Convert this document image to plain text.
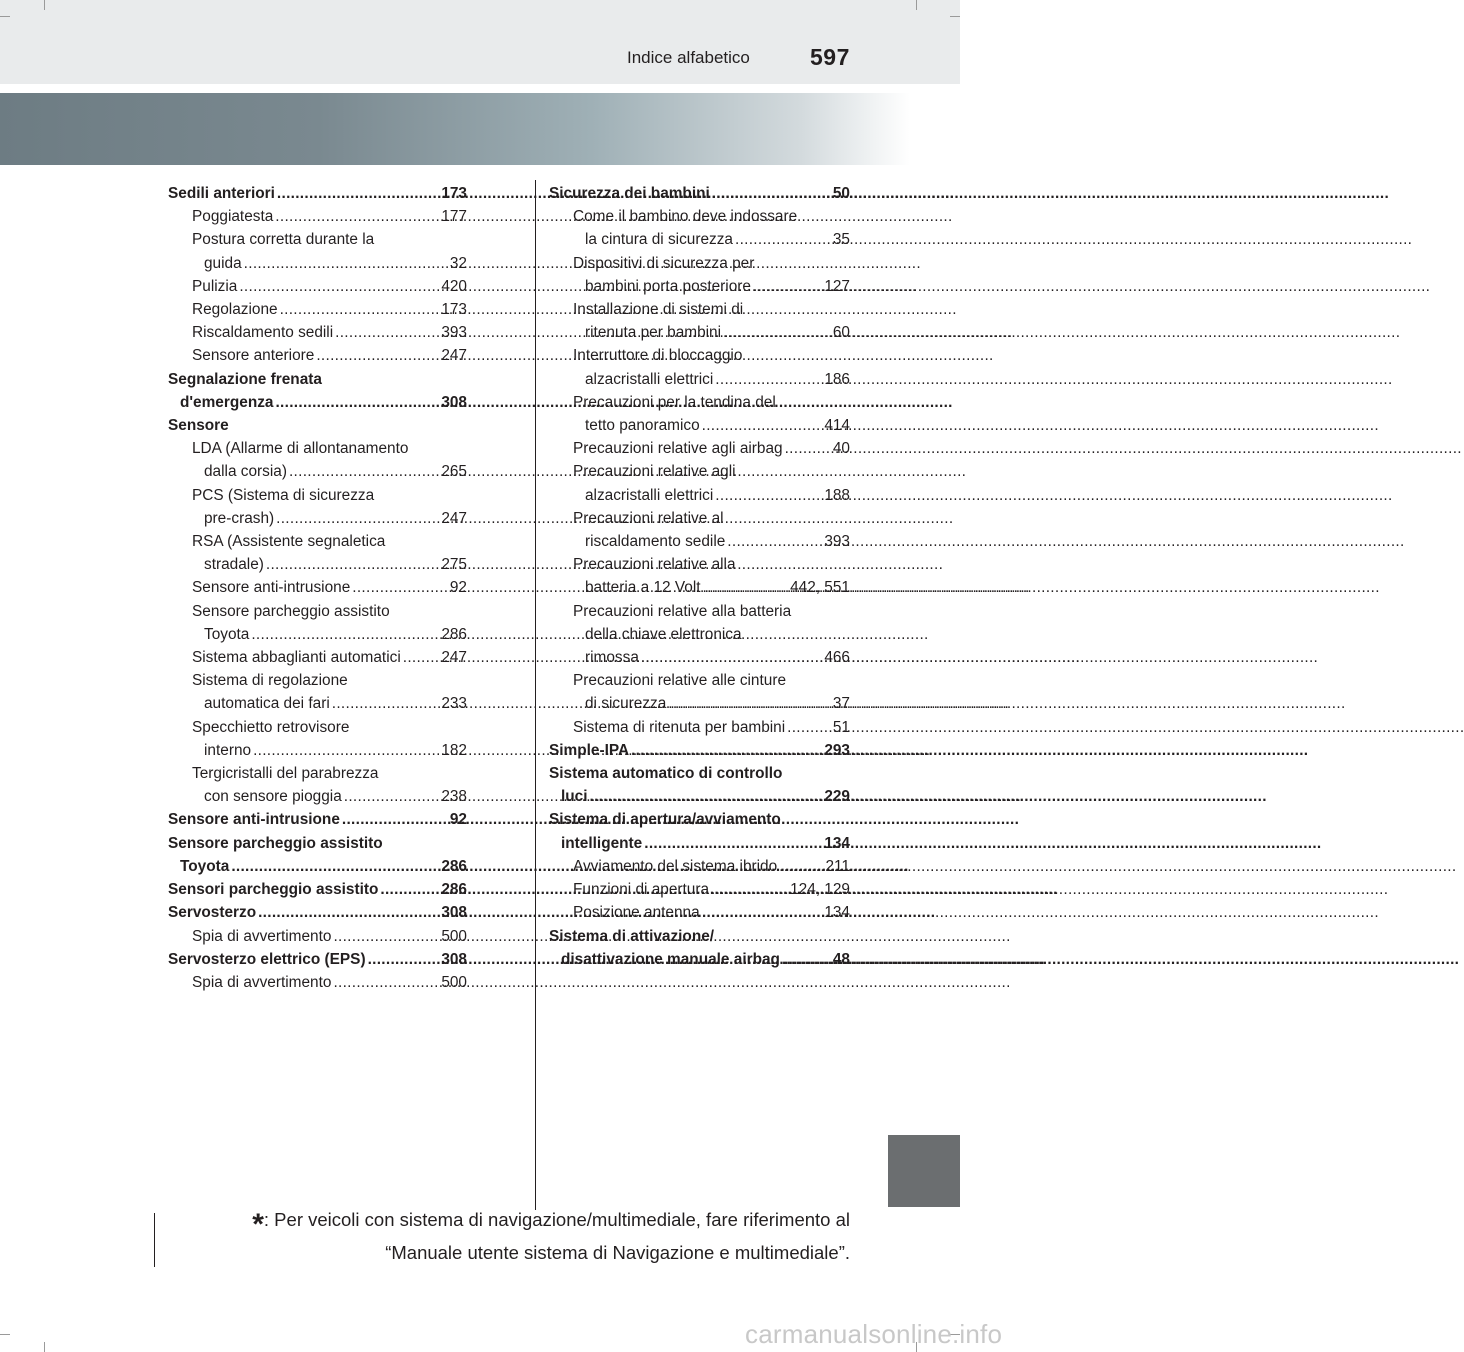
Indice alfabetico	597
Sedili anteriori .....	173
Poggiatesta .....	177
Postura corretta durante la
guida .....	32
Pulizia .....	420
Regolazione .....	173
Riscaldamento sedili .....	393
Sensore anteriore .....	247
Segnalazione frenata
d'emergenza .....	308
Sensore
LDA (Allarme di allontanamento
dalla corsia) .....	265
PCS (Sistema di sicurezza
pre-crash) .....	247
RSA (Assistente segnaletica
stradale) .....	275
Sensore anti-intrusione .....	92
Sensore parcheggio assistito
Toyota .....	286
Sistema abbaglianti automatici .....	247
Sistema di regolazione
automatica dei fari .....	233
Specchietto retrovisore
interno .....	182
Tergicristalli del parabrezza
con sensore pioggia .....	238
Sensore anti-intrusione .....	92
Sensore parcheggio assistito
Toyota .....	286
Sensori parcheggio assistito .....	286
Servosterzo .....	308
Spia di avvertimento .....	500
Servosterzo elettrico (EPS) .....	308
Spia di avvertimento .....	500
Sicurezza dei bambini .....	50
Come il bambino deve indossare
la cintura di sicurezza .....	35
Dispositivi di sicurezza per
bambini porta posteriore .....	127
Installazione di sistemi di
ritenuta per bambini .....	60
Interruttore di bloccaggio
alzacristalli elettrici .....	186
Precauzioni per la tendina del
tetto panoramico .....	414
Precauzioni relative agli airbag .....	40
Precauzioni relative agli
alzacristalli elettrici .....	188
Precauzioni relative al
riscaldamento sedile .....	393
Precauzioni relative alla
batteria a 12 Volt .....	442, 551
Precauzioni relative alla batteria
della chiave elettronica
rimossa .....	466
Precauzioni relative alle cinture
di sicurezza .....	37
Sistema di ritenuta per bambini .....	51
Simple-IPA .....	293
Sistema automatico di controllo
luci .....	229
Sistema di apertura/avviamento
intelligente .....	134
Avviamento del sistema ibrido .....	211
Funzioni di apertura .....	124, 129
Posizione antenna .....	134
Sistema di attivazione/
disattivazione manuale airbag .....	48
*: Per veicoli con sistema di navigazione/multimediale, fare riferimento al
“Manuale utente sistema di Navigazione e multimediale”.
carmanualsonline.info
